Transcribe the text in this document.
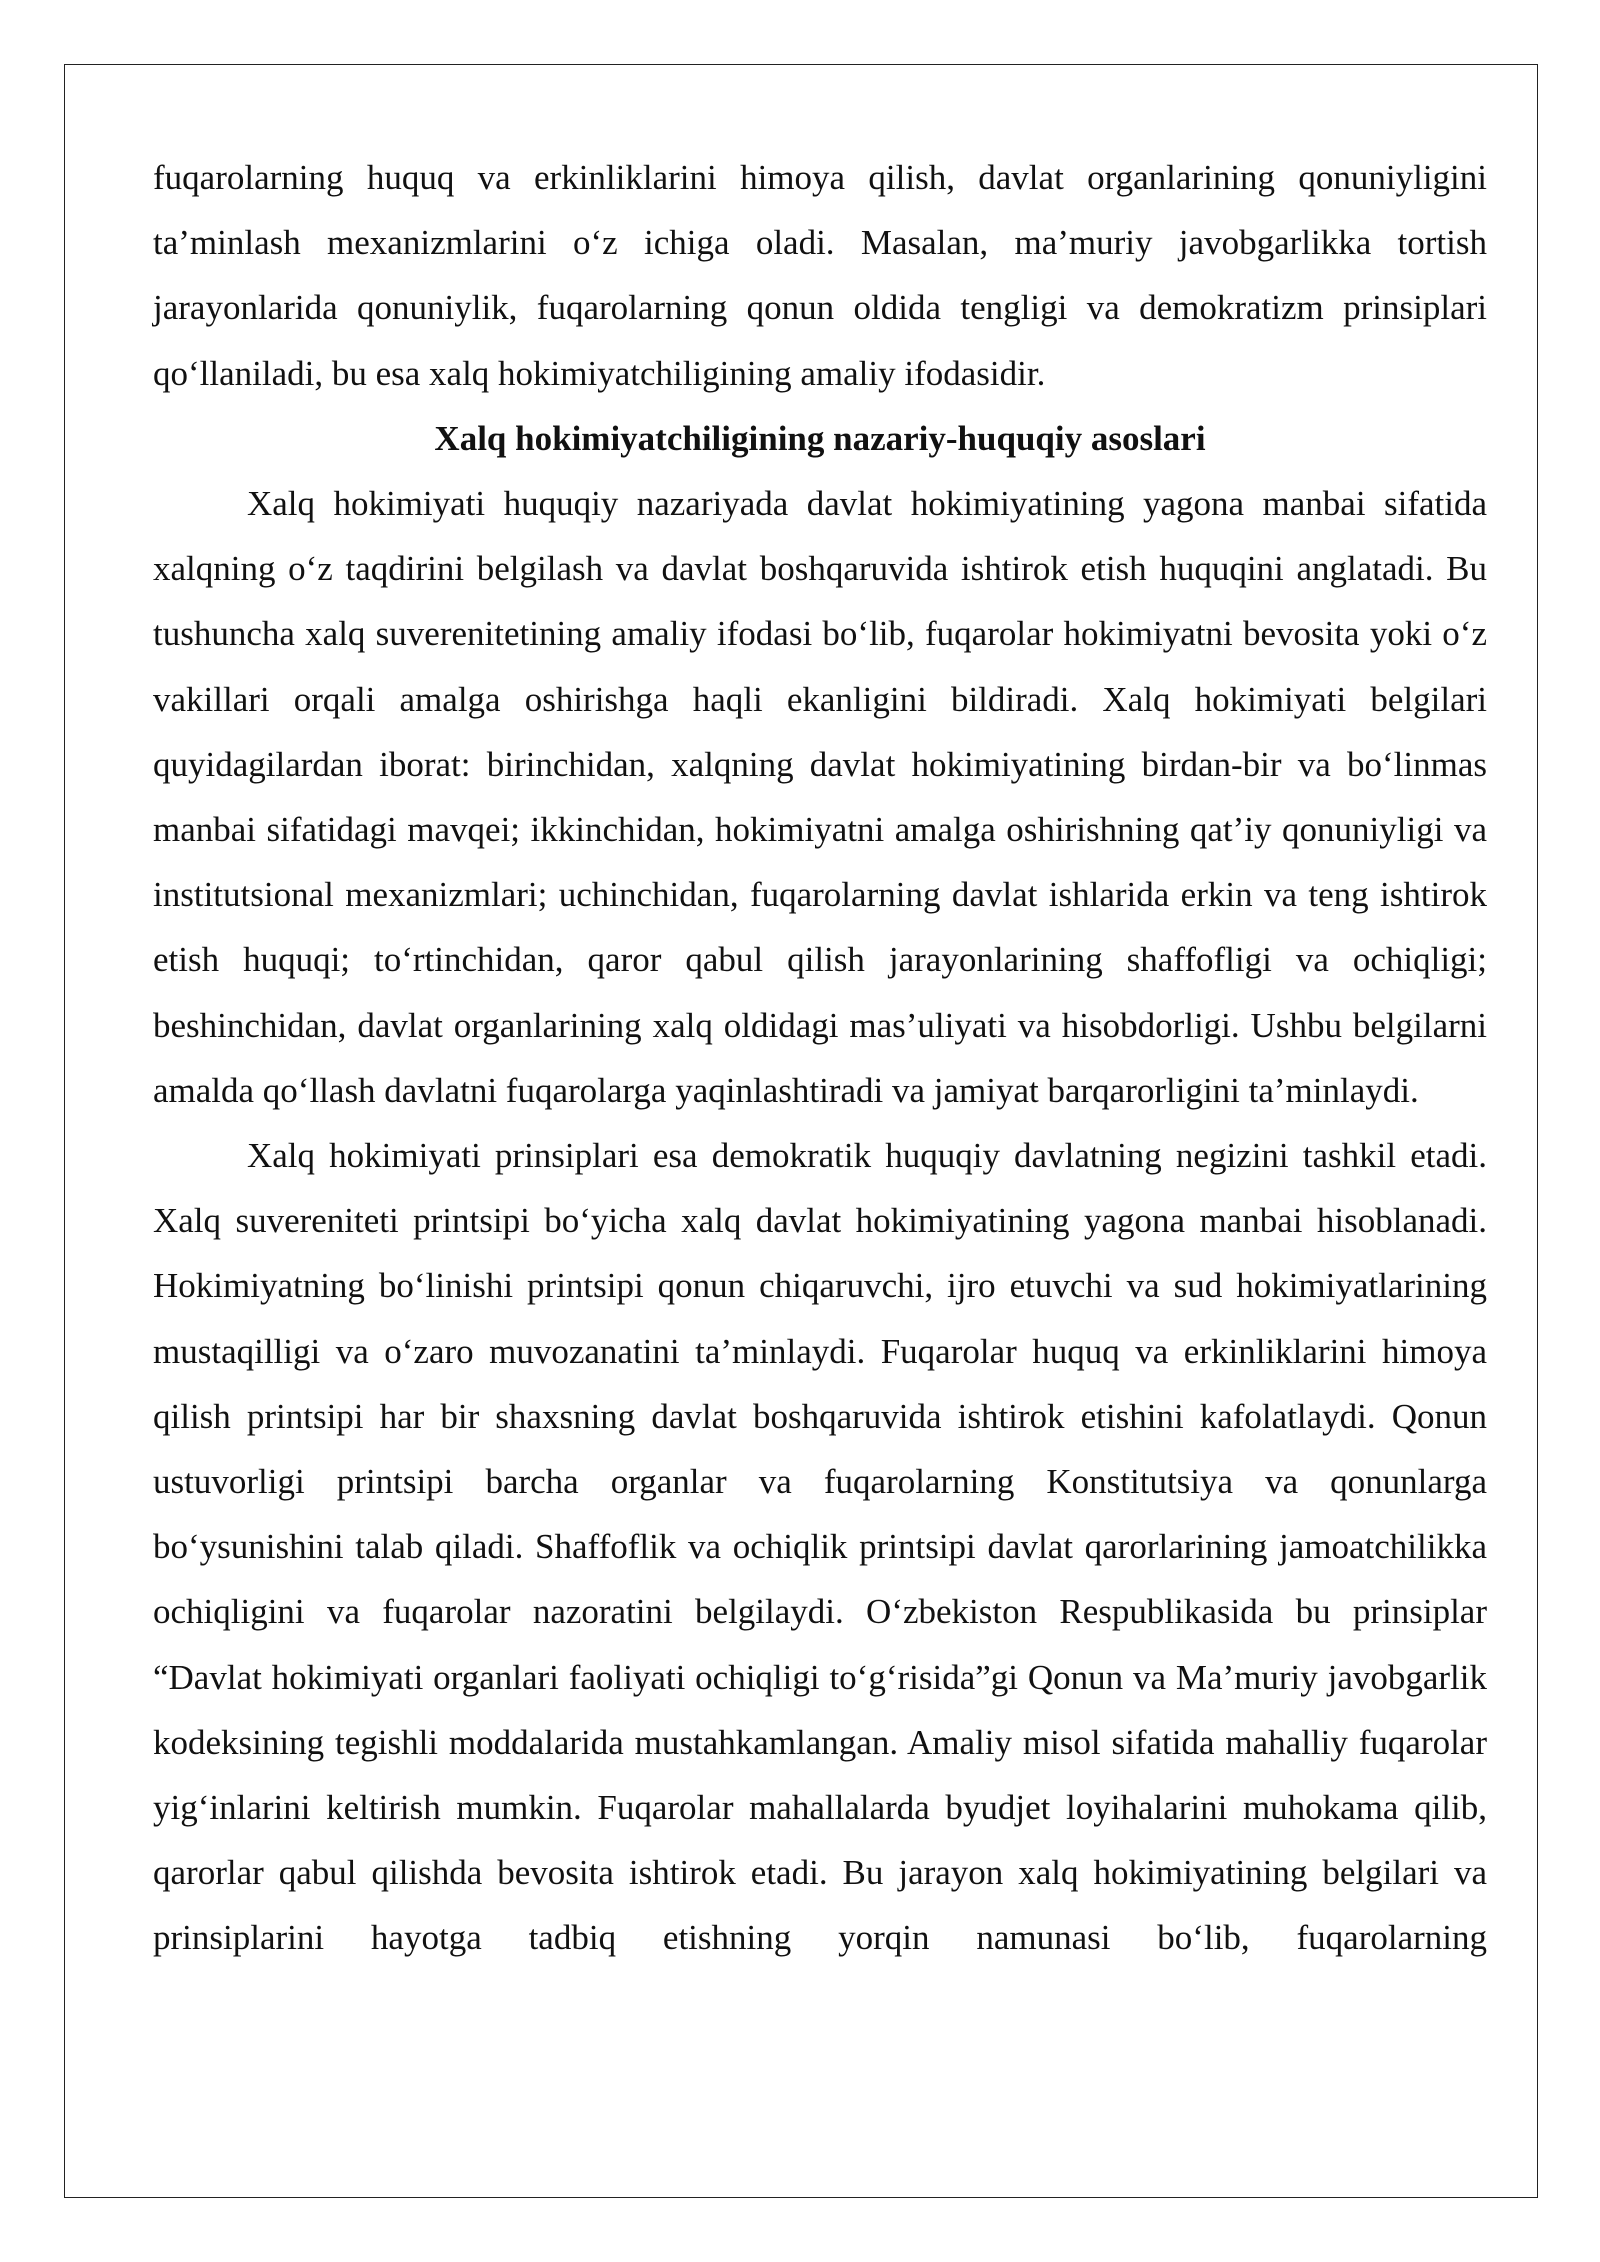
fuqarolarning huquq va erkinliklarini himoya qilish, davlat organlarining qonuniyligini ta’minlash mexanizmlarini o‘z ichiga oladi. Masalan, ma’muriy javobgarlikka tortish jarayonlarida qonuniylik, fuqarolarning qonun oldida tengligi va demokratizm prinsiplari qo‘llaniladi, bu esa xalq hokimiyatchiligining amaliy ifodasidir.

Xalq hokimiyatchiligining nazariy-huquqiy asoslari

Xalq hokimiyati huquqiy nazariyada davlat hokimiyatining yagona manbai sifatida xalqning o‘z taqdirini belgilash va davlat boshqaruvida ishtirok etish huquqini anglatadi. Bu tushuncha xalq suverenitetining amaliy ifodasi bo‘lib, fuqarolar hokimiyatni bevosita yoki o‘z vakillari orqali amalga oshirishga haqli ekanligini bildiradi. Xalq hokimiyati belgilari quyidagilardan iborat: birinchidan, xalqning davlat hokimiyatining birdan-bir va bo‘linmas manbai sifatidagi mavqei; ikkinchidan, hokimiyatni amalga oshirishning qat’iy qonuniyligi va institutsional mexanizmlari; uchinchidan, fuqarolarning davlat ishlarida erkin va teng ishtirok etish huquqi; to‘rtinchidan, qaror qabul qilish jarayonlarining shaffofligi va ochiqligi; beshinchidan, davlat organlarining xalq oldidagi mas’uliyati va hisobdorligi. Ushbu belgilarni amalda qo‘llash davlatni fuqarolarga yaqinlashtiradi va jamiyat barqarorligini ta’minlaydi.

Xalq hokimiyati prinsiplari esa demokratik huquqiy davlatning negizini tashkil etadi. Xalq suvereniteti printsipi bo‘yicha xalq davlat hokimiyatining yagona manbai hisoblanadi. Hokimiyatning bo‘linishi printsipi qonun chiqaruvchi, ijro etuvchi va sud hokimiyatlarining mustaqilligi va o‘zaro muvozanatini ta’minlaydi. Fuqarolar huquq va erkinliklarini himoya qilish printsipi har bir shaxsning davlat boshqaruvida ishtirok etishini kafolatlaydi. Qonun ustuvorligi printsipi barcha organlar va fuqarolarning Konstitutsiya va qonunlarga bo‘ysunishini talab qiladi. Shaffoflik va ochiqlik printsipi davlat qarorlarining jamoatchilikka ochiqligini va fuqarolar nazoratini belgilaydi. O‘zbekiston Respublikasida bu prinsiplar “Davlat hokimiyati organlari faoliyati ochiqligi to‘g‘risida”gi Qonun va Ma’muriy javobgarlik kodeksining tegishli moddalarida mustahkamlangan. Amaliy misol sifatida mahalliy fuqarolar yig‘inlarini keltirish mumkin. Fuqarolar mahallalarda byudjet loyihalarini muhokama qilib, qarorlar qabul qilishda bevosita ishtirok etadi. Bu jarayon xalq hokimiyatining belgilari va prinsiplarini hayotga tadbiq etishning yorqin namunasi bo‘lib, fuqarolarning
